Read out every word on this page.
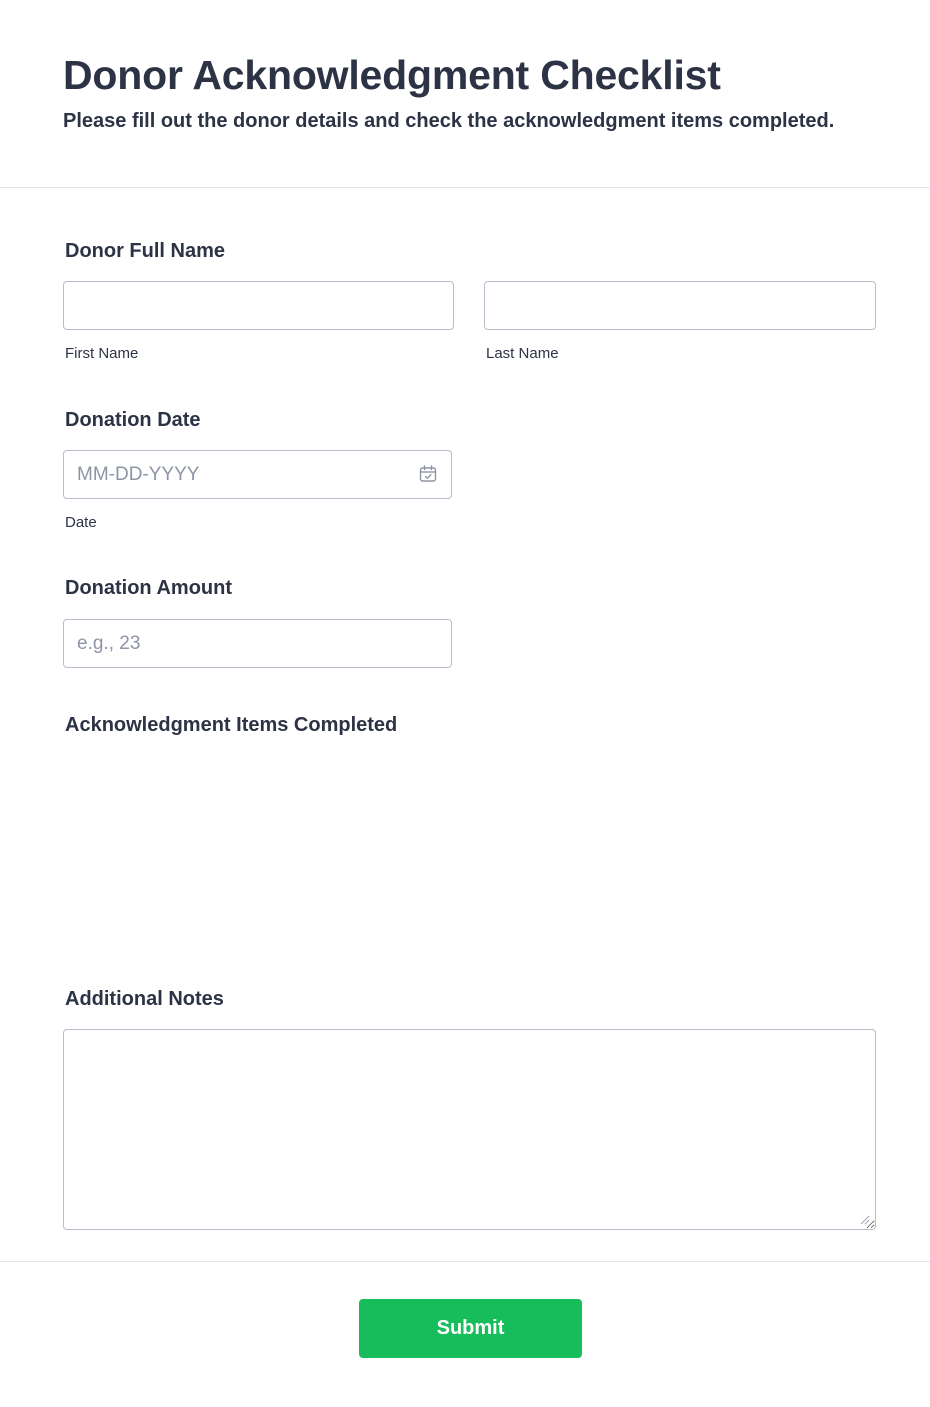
Donor Acknowledgment Checklist

Please fill out the donor details and check the acknowledgment items completed.

Donor Full Name
First Name	Last Name
Donation Date
MM-DD-YYYY
Date
Donation Amount
e.g., 23
Acknowledgment Items Completed
Additional Notes
Submit
